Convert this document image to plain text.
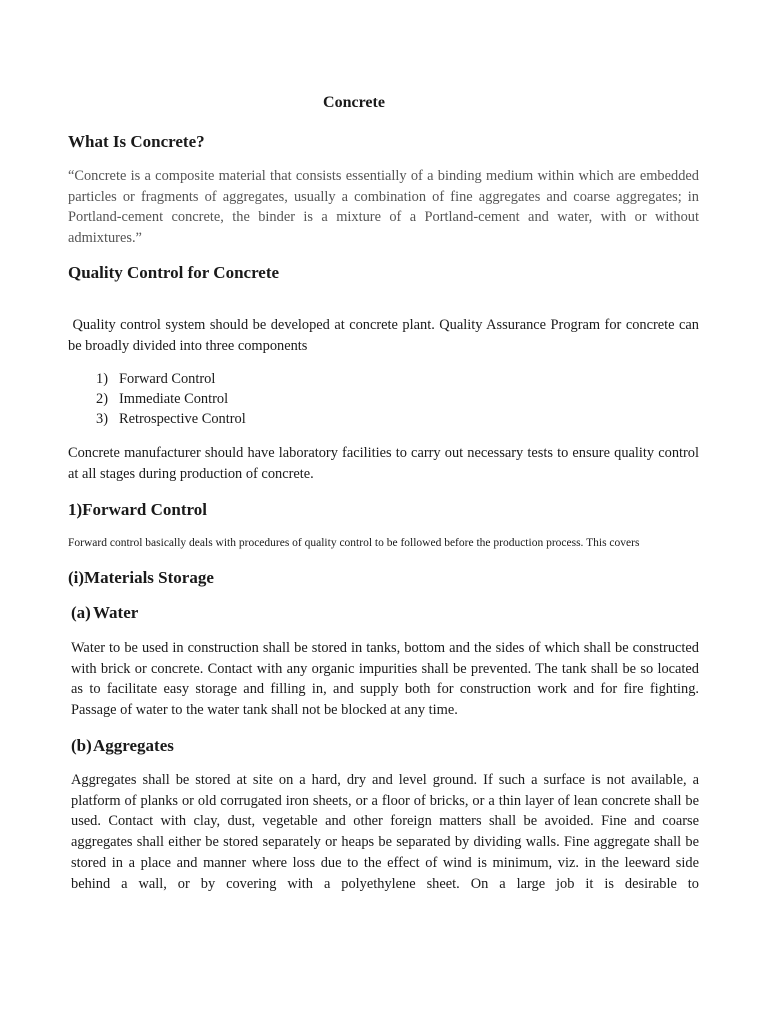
Concrete
What Is Concrete?

“Concrete is a composite material that consists essentially of a binding medium within which are embedded particles or fragments of aggregates, usually a combination of fine aggregates and coarse aggregates; in Portland-cement concrete, the binder is a mixture of a Portland-cement and water, with or without admixtures.”

Quality Control for Concrete

Quality control system should be developed at concrete plant. Quality Assurance Program for concrete can be broadly divided into three components

1) Forward Control
2) Immediate Control
3) Retrospective Control

Concrete manufacturer should have laboratory facilities to carry out necessary tests to ensure quality control at all stages during production of concrete.

1)Forward Control

Forward control basically deals with procedures of quality control to be followed before the production process. This covers

(i)Materials Storage
(a) Water

Water to be used in construction shall be stored in tanks, bottom and the sides of which shall be constructed with brick or concrete. Contact with any organic impurities shall be prevented. The tank shall be so located as to facilitate easy storage and filling in, and supply both for construction work and for fire fighting. Passage of water to the water tank shall not be blocked at any time.

(b)Aggregates

Aggregates shall be stored at site on a hard, dry and level ground. If such a surface is not available, a platform of planks or old corrugated iron sheets, or a floor of bricks, or a thin layer of lean concrete shall be used. Contact with clay, dust, vegetable and other foreign matters shall be avoided. Fine and coarse aggregates shall either be stored separately or heaps be separated by dividing walls. Fine aggregate shall be stored in a place and manner where loss due to the effect of wind is minimum, viz. in the leeward side behind a wall, or by covering with a polyethylene sheet. On a large job it is desirable to
